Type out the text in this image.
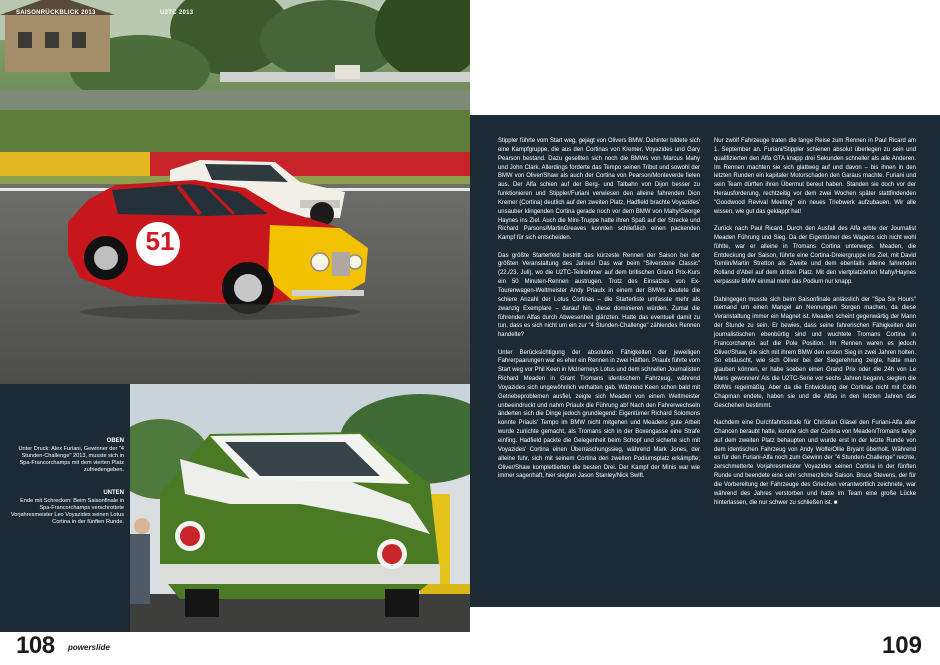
51
SAISONRÜCKBLICK 2013	U2TC 2013
OBEN
Unter Druck: Alex Furiani, Gewinner der "4 Stunden-Challenge" 2013, musste sich in Spa-Francorchamps mit dem vierten Platz zufriedengeben.
UNTEN
Ende mit Schrecken: Beim Saisonfinale in Spa-Francorchamps verschrottete Vorjahresmeister Leo Voyazides seinen Lotus Cortina in der fünften Runde.
108 powerslide	109

Stippler führte vom Start weg, gejagt von Olivers BMW. Dahinter bildete sich eine Kampfgruppe, die aus den Cortinas von Kremer, Voyazides und Gary Pearson bestand. Dazu gesellten sich noch die BMWs von Marcus Mahy und John Clark. Allerdings forderte das Tempo seinen Tribut und sowohl der BMW von Oliver/Shaw als auch der Cortina von Pearson/Monteverde fielen aus. Der Alfa schien auf der Berg- und Talbahn von Dijon besser zu funktionieren und Stippler/Furiani verwiesen den alleine fahrenden Dion Kremer (Cortina) deutlich auf den zweiten Platz, Hadfield brachte Voyazides' unsauber klingenden Cortina gerade noch vor dem BMW von Mahy/George Haynes ins Ziel. Auch die Mini-Truppe hatte ihren Spaß auf der Strecke und Richard Parsons/MartinGreaves konnten schließlich einen packenden Kampf für sich entscheiden.

Das größte Starterfeld bestritt das kürzeste Rennen der Saison bei der größten Veranstaltung des Jahres! Das war beim "Silverstone Classic" (22./23. Juli), wo die U2TC-Teilnehmer auf dem britischen Grand Prix-Kurs ein 50 Minuten-Rennen austrugen. Trotz des Einsatzes von Ex-Tourenwagen-Weltmeister Andy Priaulx in einem der BMWs deutete die schiere Anzahl der Lotus Cortinas – die Starterliste umfasste mehr als zwanzig Exemplare – darauf hin, diese dominieren würden. Zumal die führenden Alfas durch Abwesenheit glänzten. Hatte das eventuell damit zu tun, dass es sich nicht um ein zur "4 Stunden-Challenge" zählendes Rennen handelte?

Unter Berücksichtigung der absoluten Fähigkeiten der jeweiligen Fahrerpaarungen war es eher ein Rennen in zwei Hälften. Priaulx führte vom Start weg vor Phil Keen in McInerneys Lotus und dem schnellen Journalisten Richard Meaden in Grant Tromans identischem Fahrzeug, während Voyazides sich ungewöhnlich verhalten gab. Während Keen schon bald mit Getriebeproblemen ausfiel, zeigte sich Meaden von einem Weltmeister unbeeindruckt und nahm Priaulx die Führung ab! Nach den Fahrerwechseln änderten sich die Dinge jedoch grundlegend: Eigentümer Richard Solomons konnte Priauls' Tempo im BMW nicht mitgehen und Meadens gute Arbeit wurde zunichte gemacht, als Tromans sich in der Boxengasse eine Strafe einfing. Hadfield packte die Gelegenheit beim Schopf und sicherte sich mit Voyazides' Cortina einen Überraschungssieg, während Mark Jones, der alleine fuhr, sich mit seinem Cortina den zweiten Podiumsplatz erkämpfte; Oliver/Shaw komplettierten die besten Drei. Der Kampf der Minis war wie immer sagenhaft, hier siegten Jason Stanley/Nick Swift.

Nur zwölf Fahrzeuge traten die lange Reise zum Rennen in Paul Ricard am 1. September an. Furiani/Stippler schienen absolut überlegen zu sein und qualifizierten den Alfa GTA knapp drei Sekunden schneller als alle Anderen. Im Rennen machten sie sich glattweg auf und davon – bis ihnen in den letzten Runden ein kapitaler Motorschaden den Garaus machte. Furiani und sein Team dürften ihren Übermut bereut haben. Standen sie doch vor der Herausforderung, rechtzeitig vor dem zwei Wochen später stattfindenden "Goodwood Revival Meeting" ein neues Triebwerk aufzubauen. Wir alle wissen, wie gut das geklappt hat!

Zurück nach Paul Ricard. Durch den Ausfall des Alfa erbte der Journalist Meaden Führung und Sieg. Da der Eigentümer des Wagens sich nicht wohl fühlte, war er alleine in Tromans Cortina unterwegs. Meaden, die Entdeckung der Saison, führte eine Cortina-Dreiergruppe ins Ziel, mit David Tomlin/Martin Stretton als Zweite und dem ebenfalls alleine fahrenden Rolland d'Abel auf dem dritten Platz. Mit den viertplatzierten Mahy/Haynes verpasste BMW einmal mehr das Podium nur knapp.

Dahingegen musste sich beim Saisonfinale anlässlich der "Spa Six Hours" niemand um einen Mangel an Nennungen Sorgen machen, da diese Veranstaltung immer ein Magnet ist. Meaden scheint gegenwärtig der Mann der Stunde zu sein. Er bewies, dass seine fahrerischen Fähigkeiten den journalistischen ebenbürtig sind und wuchtete Tromans Cortina in Francorchamps auf die Pole Position. Im Rennen waren es jedoch Oliver/Shaw, die sich mit ihrem BMW den ersten Sieg in zwei Jahren holten. So ebtäuscht, wie sich Oliver bei der Siegerehrung zeigte, hätte man glauben können, er habe soeben einen Grand Prix oder die 24h von Le Mans gewonnen! Als die U2TC-Serie vor sechs Jahren begann, siegten die BMWs regelmäßig. Aber da die Entwicklung der Cortinas nicht mit Colin Chapman endete, haben sie und die Alfas in den letzten Jahren das Geschehen bestimmt.

Nachdem eine Durchfahrtsstrafe für Christian Gläsel den Furiani-Alfa aller Chancen beraubt hatte, konnte sich der Cortina von Meaden/Tromans lange auf dem zweiten Platz behaupten und wurde erst in der letzte Runde von dem identischen Fahrzeug von Andy Wolfe/Ollie Bryant überholt. Während es für den Furiani-Alfa noch zum Gewinn der "4 Stunden-Challenge" reichte, zerschmetterte Vorjahresmeister Voyazides seinen Cortina in der fünften Runde und beendete eine sehr schmerzliche Saison. Bruce Stevens, der für die Vorbereitung der Fahrzeuge des Griechen verantwortlich zeichnete, war während des Jahres verstorben und hatte im Team eine große Lücke hinterlassen, die nur schwer zu schließen ist. ■
